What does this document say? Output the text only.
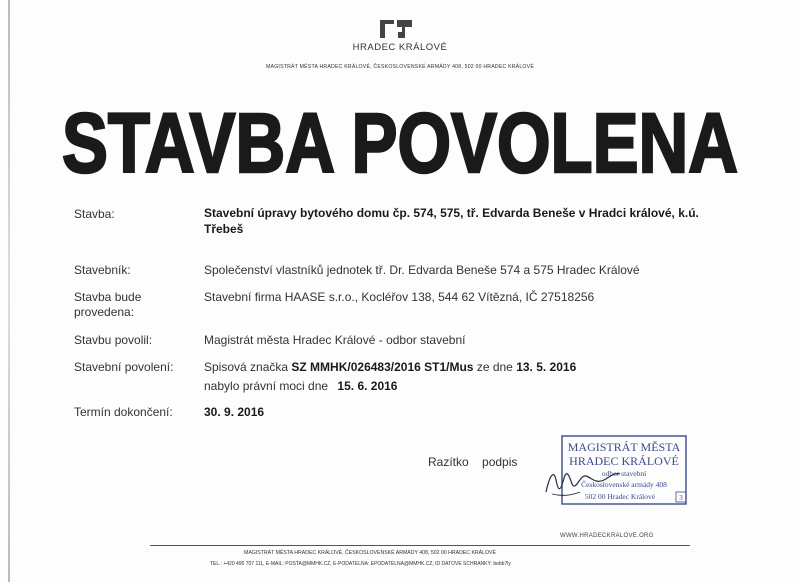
HRADEC KRÁLOVÉ
MAGISTRÁT MĚSTA HRADEC KRÁLOVÉ, ČESKOSLOVENSKÉ ARMÁDY 408, 502 00 HRADEC KRÁLOVÉ
STAVBA POVOLENA
Stavba:	Stavební úpravy bytového domu čp. 574, 575, tř. Edvarda Beneše v Hradci králové, k.ú.
Třebeš
Stavebník:	Společenství vlastníků jednotek tř. Dr. Edvarda Beneše 574 a 575 Hradec Králové
Stavba bude
provedena:
Stavební firma HAASE s.r.o., Kocléřov 138, 544 62 Vítězná, IČ 27518256
Stavbu povolil:	Magistrát města Hradec Králové - odbor stavební
Stavební povolení:	Spisová značka SZ MMHK/026483/2016 ST1/Mus ze dne 13. 5. 2016
nabylo právní moci dne 15. 6. 2016
Termín dokončení:	30. 9. 2016
Razítko podpis
MAGISTRÁT MĚSTA
HRADEC KRÁLOVÉ
odbor stavební
Československé armády 408
502 00 Hradec Králové	3
WWW.HRADECKRALOVE.ORG
MAGISTRÁT MĚSTA HRADEC KRÁLOVÉ, ČESKOSLOVENSKÉ ARMÁDY 408, 502 00 HRADEC KRÁLOVÉ
TEL.: +420 495 707 111, E-MAIL: POSTA@MMHK.CZ, E-PODATELNA: EPODATELNA@MMHK.CZ, ID DATOVÉ SCHRÁNKY: bebb7ly
